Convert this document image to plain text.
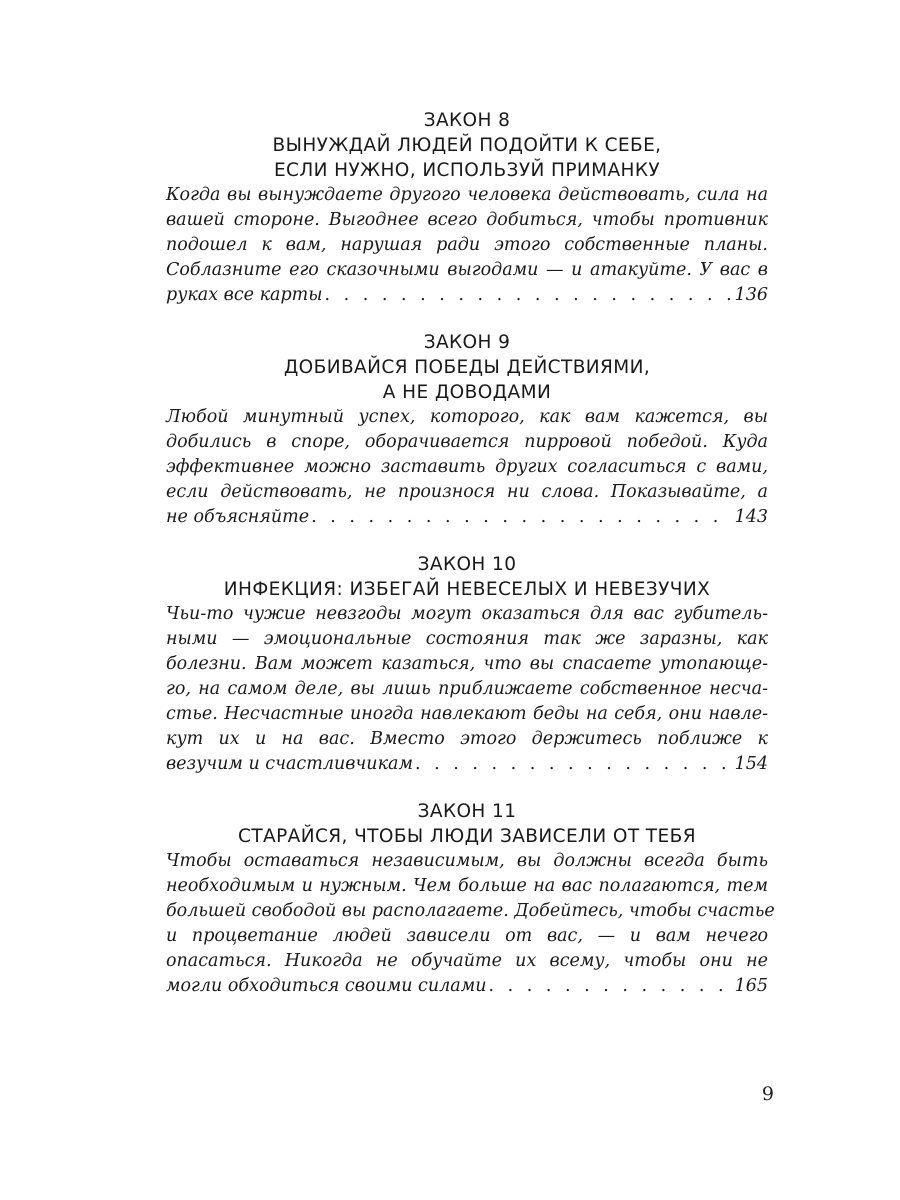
ЗАКОН 8

ВЫНУЖДАЙ ЛЮДЕЙ ПОДОЙТИ К СЕБЕ,
ЕСЛИ НУЖНО, ИСПОЛЬЗУЙ ПРИМАНКУ

Когда вы вынуждаете другого человека действовать, сила на
вашей стороне. Выгоднее всего добиться, чтобы противник
подошел к вам, нарушая ради этого собственные планы.
Соблазните его сказочными выгодами — и атакуйте. У вас в
руках все карты . . .	136

ЗАКОН 9

ДОБИВАЙСЯ ПОБЕДЫ ДЕЙСТВИЯМИ,
А НЕ ДОВОДАМИ

Любой минутный успех, которого, как вам кажется, вы
добились в споре, оборачивается пирровой победой. Куда
эффективнее можно заставить других согласиться с вами,
если действовать, не произнося ни слова. Показывайте, а
не объясняйте . . .	143

ЗАКОН 10

ИНФЕКЦИЯ: ИЗБЕГАЙ НЕВЕСЕЛЫХ И НЕВЕЗУЧИХ

Чьи-то чужие невзгоды могут оказаться для вас губитель-
ными — эмоциональные состояния так же заразны, как
болезни. Вам может казаться, что вы спасаете утопающе-
го, на самом деле, вы лишь приближаете собственное несча-
стье. Несчастные иногда навлекают беды на себя, они навле-
кут их и на вас. Вместо этого держитесь поближе к
везучим и счастливчикам . . .	154

ЗАКОН 11

СТАРАЙСЯ, ЧТОБЫ ЛЮДИ ЗАВИСЕЛИ ОТ ТЕБЯ

Чтобы оставаться независимым, вы должны всегда быть
необходимым и нужным. Чем больше на вас полагаются, тем
большей свободой вы располагаете. Добейтесь, чтобы счастье
и процветание людей зависели от вас, — и вам нечего
опасаться. Никогда не обучайте их всему, чтобы они не
могли обходиться своими силами . . .	165
9
